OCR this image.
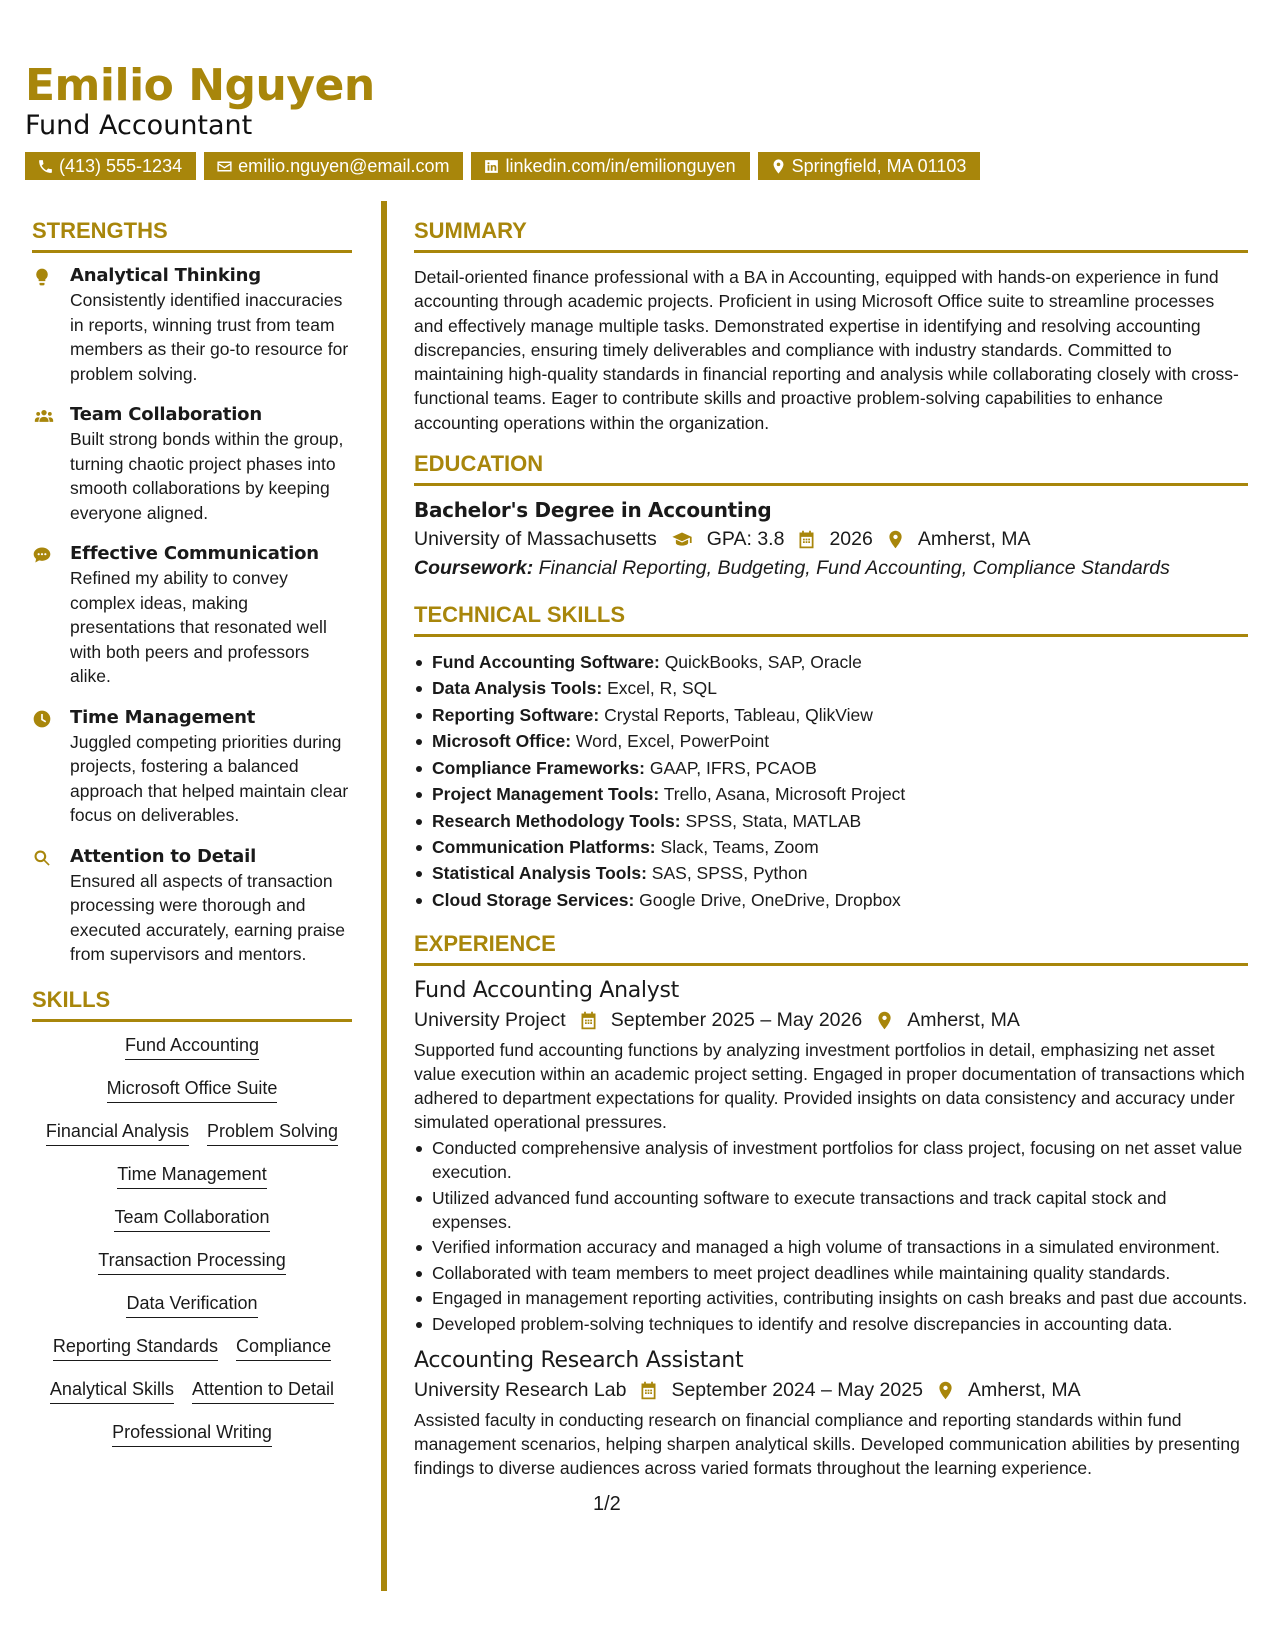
Emilio Nguyen
Fund Accountant
(413) 555-1234	emilio.nguyen@email.com	linkedin.com/in/emilionguyen	Springfield, MA 01103
STRENGTHS
Analytical Thinking
Consistently identified inaccuracies in reports, winning trust from team members as their go-to resource for problem solving.
Team Collaboration
Built strong bonds within the group, turning chaotic project phases into smooth collaborations by keeping everyone aligned.
Effective Communication
Refined my ability to convey complex ideas, making presentations that resonated well with both peers and professors alike.
Time Management
Juggled competing priorities during projects, fostering a balanced approach that helped maintain clear focus on deliverables.
Attention to Detail
Ensured all aspects of transaction processing were thorough and executed accurately, earning praise from supervisors and mentors.
SKILLS
Fund Accounting
Microsoft Office Suite
Financial Analysis Problem Solving
Time Management
Team Collaboration
Transaction Processing
Data Verification
Reporting Standards Compliance
Analytical Skills Attention to Detail
Professional Writing
SUMMARY
Detail-oriented finance professional with a BA in Accounting, equipped with hands-on experience in fund accounting through academic projects. Proficient in using Microsoft Office suite to streamline processes and effectively manage multiple tasks. Demonstrated expertise in identifying and resolving accounting discrepancies, ensuring timely deliverables and compliance with industry standards. Committed to maintaining high-quality standards in financial reporting and analysis while collaborating closely with cross-functional teams. Eager to contribute skills and proactive problem-solving capabilities to enhance accounting operations within the organization.
EDUCATION
Bachelor's Degree in Accounting
University of Massachusetts	GPA: 3.8 2026 Amherst, MA
Coursework: Financial Reporting, Budgeting, Fund Accounting, Compliance Standards
TECHNICAL SKILLS
Fund Accounting Software: QuickBooks, SAP, Oracle
Data Analysis Tools: Excel, R, SQL
Reporting Software: Crystal Reports, Tableau, QlikView
Microsoft Office: Word, Excel, PowerPoint
Compliance Frameworks: GAAP, IFRS, PCAOB
Project Management Tools: Trello, Asana, Microsoft Project
Research Methodology Tools: SPSS, Stata, MATLAB
Communication Platforms: Slack, Teams, Zoom
Statistical Analysis Tools: SAS, SPSS, Python
Cloud Storage Services: Google Drive, OneDrive, Dropbox
EXPERIENCE
Fund Accounting Analyst
University Project September 2025 – May 2026 Amherst, MA
Supported fund accounting functions by analyzing investment portfolios in detail, emphasizing net asset value execution within an academic project setting. Engaged in proper documentation of transactions which adhered to department expectations for quality. Provided insights on data consistency and accuracy under simulated operational pressures.
Conducted comprehensive analysis of investment portfolios for class project, focusing on net asset value execution.
Utilized advanced fund accounting software to execute transactions and track capital stock and expenses.
Verified information accuracy and managed a high volume of transactions in a simulated environment.
Collaborated with team members to meet project deadlines while maintaining quality standards.
Engaged in management reporting activities, contributing insights on cash breaks and past due accounts.
Developed problem-solving techniques to identify and resolve discrepancies in accounting data.
Accounting Research Assistant
University Research Lab September 2024 – May 2025 Amherst, MA
Assisted faculty in conducting research on financial compliance and reporting standards within fund management scenarios, helping sharpen analytical skills. Developed communication abilities by presenting findings to diverse audiences across varied formats throughout the learning experience.
1/2
